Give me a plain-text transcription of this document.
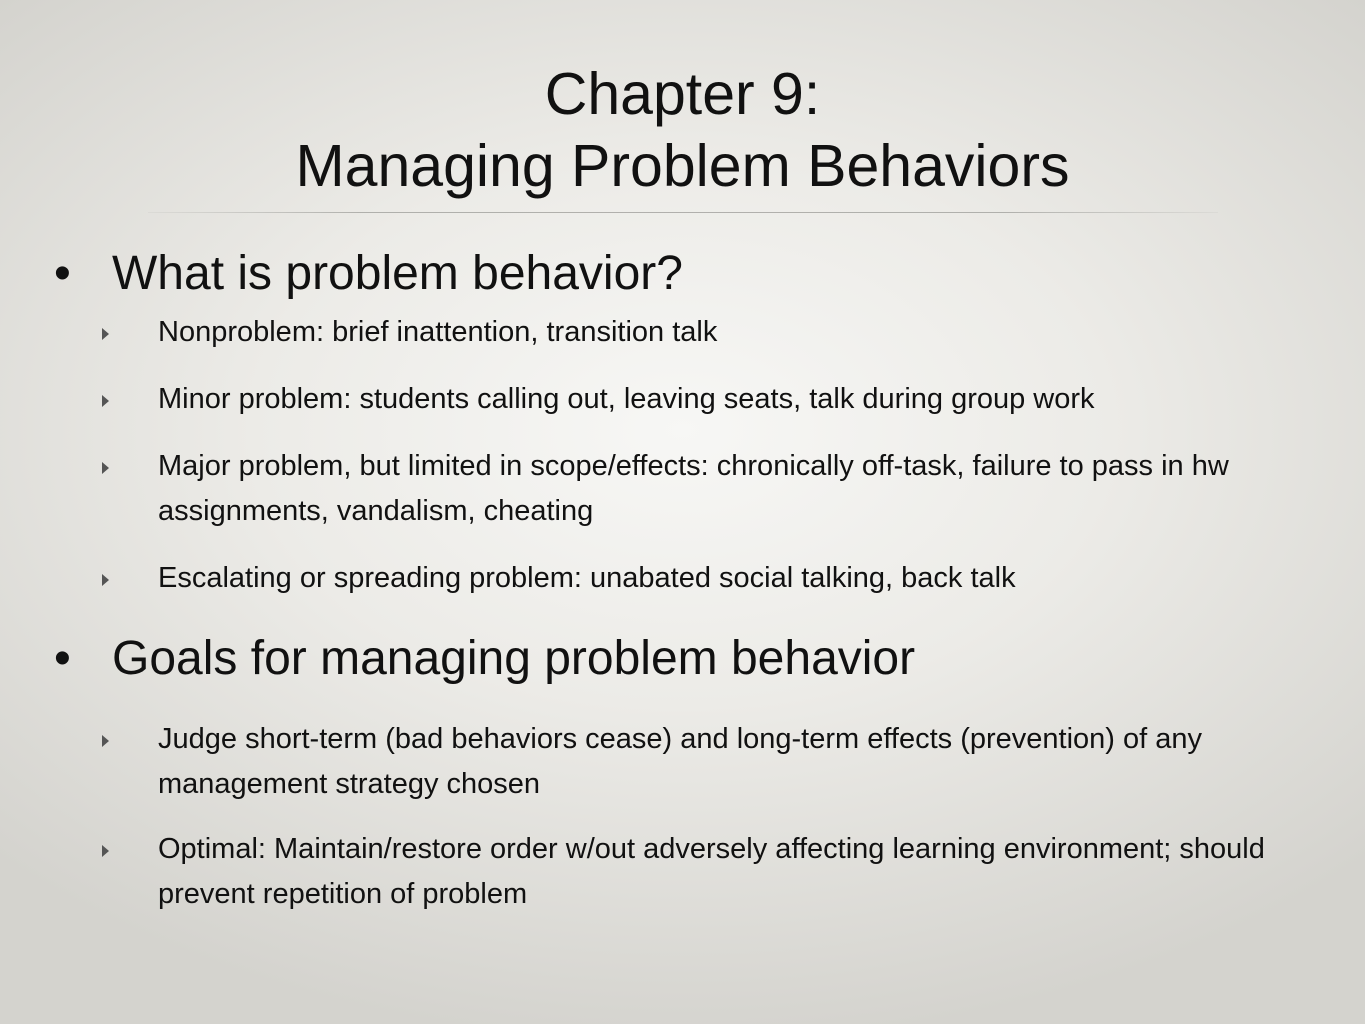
Chapter 9:
Managing Problem Behaviors

• What is problem behavior?

Nonproblem: brief inattention, transition talk

Minor problem: students calling out, leaving seats, talk during group work

Major problem, but limited in scope/effects: chronically off-task, failure to pass in hw assignments, vandalism, cheating

Escalating or spreading problem: unabated social talking, back talk

• Goals for managing problem behavior

Judge short-term (bad behaviors cease) and long-term effects (prevention) of any management strategy chosen

Optimal: Maintain/restore order w/out adversely affecting learning environment; should prevent repetition of problem
